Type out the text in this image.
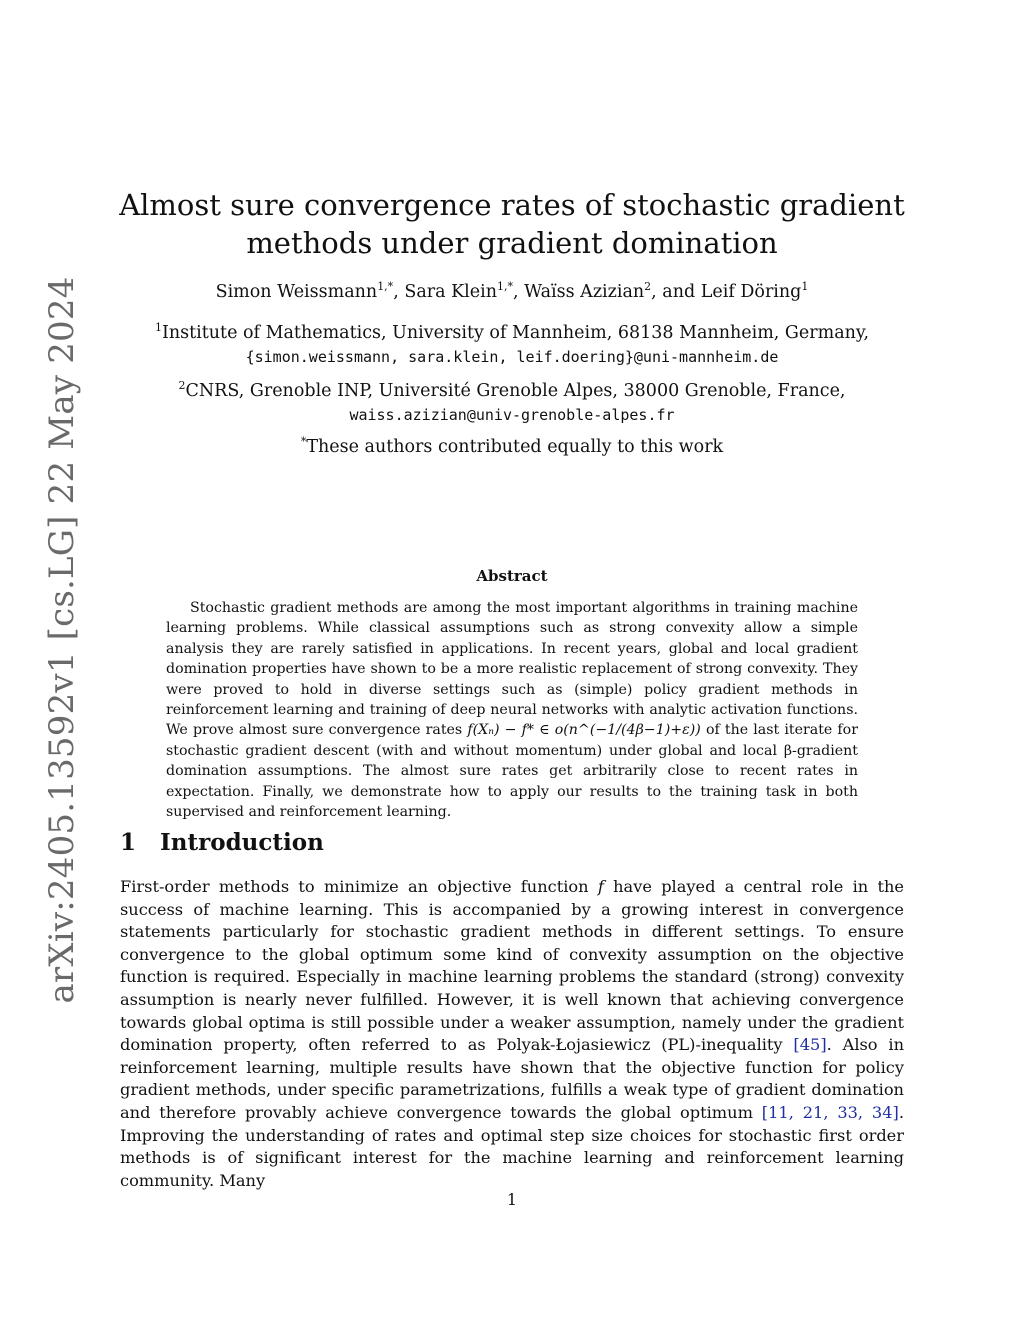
arXiv:2405.13592v1 [cs.LG] 22 May 2024
Almost sure convergence rates of stochastic gradient methods under gradient domination
Simon Weissmann$^{1,*}$, Sara Klein$^{1,*}$, Waïss Azizian$^2$, and Leif Döring$^1$
$^1$Institute of Mathematics, University of Mannheim, 68138 Mannheim, Germany,
{simon.weissmann, sara.klein, leif.doering}@uni-mannheim.de
$^2$CNRS, Grenoble INP, Université Grenoble Alpes, 38000 Grenoble, France,
waiss.azizian@univ-grenoble-alpes.fr
*These authors contributed equally to this work
Abstract

Stochastic gradient methods are among the most important algorithms in training machine learning problems. While classical assumptions such as strong convexity allow a simple analysis they are rarely satisfied in applications. In recent years, global and local gradient domination properties have shown to be a more realistic replacement of strong convexity. They were proved to hold in diverse settings such as (simple) policy gradient methods in reinforcement learning and training of deep neural networks with analytic activation functions. We prove almost sure convergence rates f(Xₙ) − f* ∈ o(n^(−1/(4β−1)+ε)) of the last iterate for stochastic gradient descent (with and without momentum) under global and local β-gradient domination assumptions. The almost sure rates get arbitrarily close to recent rates in expectation. Finally, we demonstrate how to apply our results to the training task in both supervised and reinforcement learning.

1 Introduction

First-order methods to minimize an objective function f have played a central role in the success of machine learning. This is accompanied by a growing interest in convergence statements particularly for stochastic gradient methods in different settings. To ensure convergence to the global optimum some kind of convexity assumption on the objective function is required. Especially in machine learning problems the standard (strong) convexity assumption is nearly never fulfilled. However, it is well known that achieving convergence towards global optima is still possible under a weaker assumption, namely under the gradient domination property, often referred to as Polyak-Łojasiewicz (PL)-inequality [45]. Also in reinforcement learning, multiple results have shown that the objective function for policy gradient methods, under specific parametrizations, fulfills a weak type of gradient domination and therefore provably achieve convergence towards the global optimum [11, 21, 33, 34]. Improving the understanding of rates and optimal step size choices for stochastic first order methods is of significant interest for the machine learning and reinforcement learning community. Many

1
